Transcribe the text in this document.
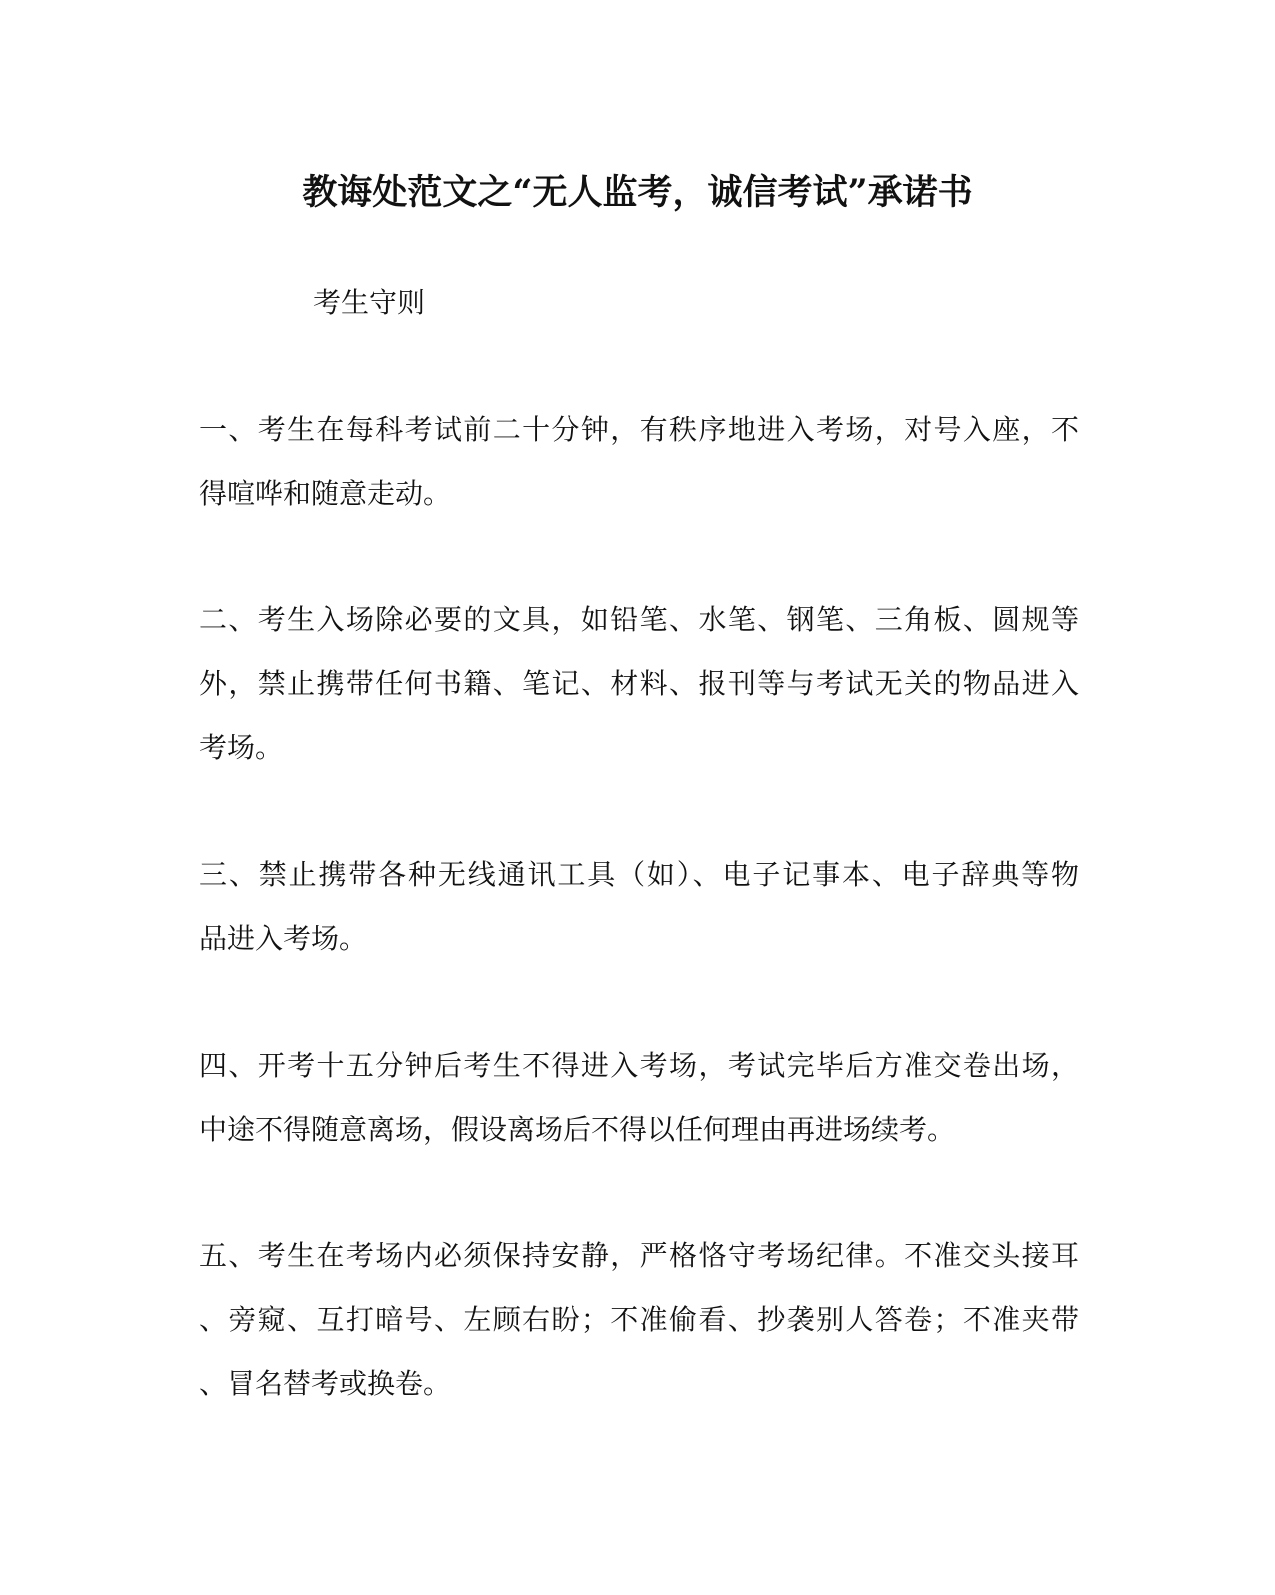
教诲处范文之“无人监考，诚信考试”承诺书
考生守则
一、考生在每科考试前二十分钟，有秩序地进入考场，对号入座，不
得喧哗和随意走动。
二、考生入场除必要的文具，如铅笔、水笔、钢笔、三角板、圆规等
外，禁止携带任何书籍、笔记、材料、报刊等与考试无关的物品进入
考场。
三、禁止携带各种无线通讯工具（如）、电子记事本、电子辞典等物
品进入考场。
四、开考十五分钟后考生不得进入考场，考试完毕后方准交卷出场，
中途不得随意离场，假设离场后不得以任何理由再进场续考。
五、考生在考场内必须保持安静，严格恪守考场纪律。不准交头接耳
、旁窥、互打暗号、左顾右盼；不准偷看、抄袭别人答卷；不准夹带
、冒名替考或换卷。
